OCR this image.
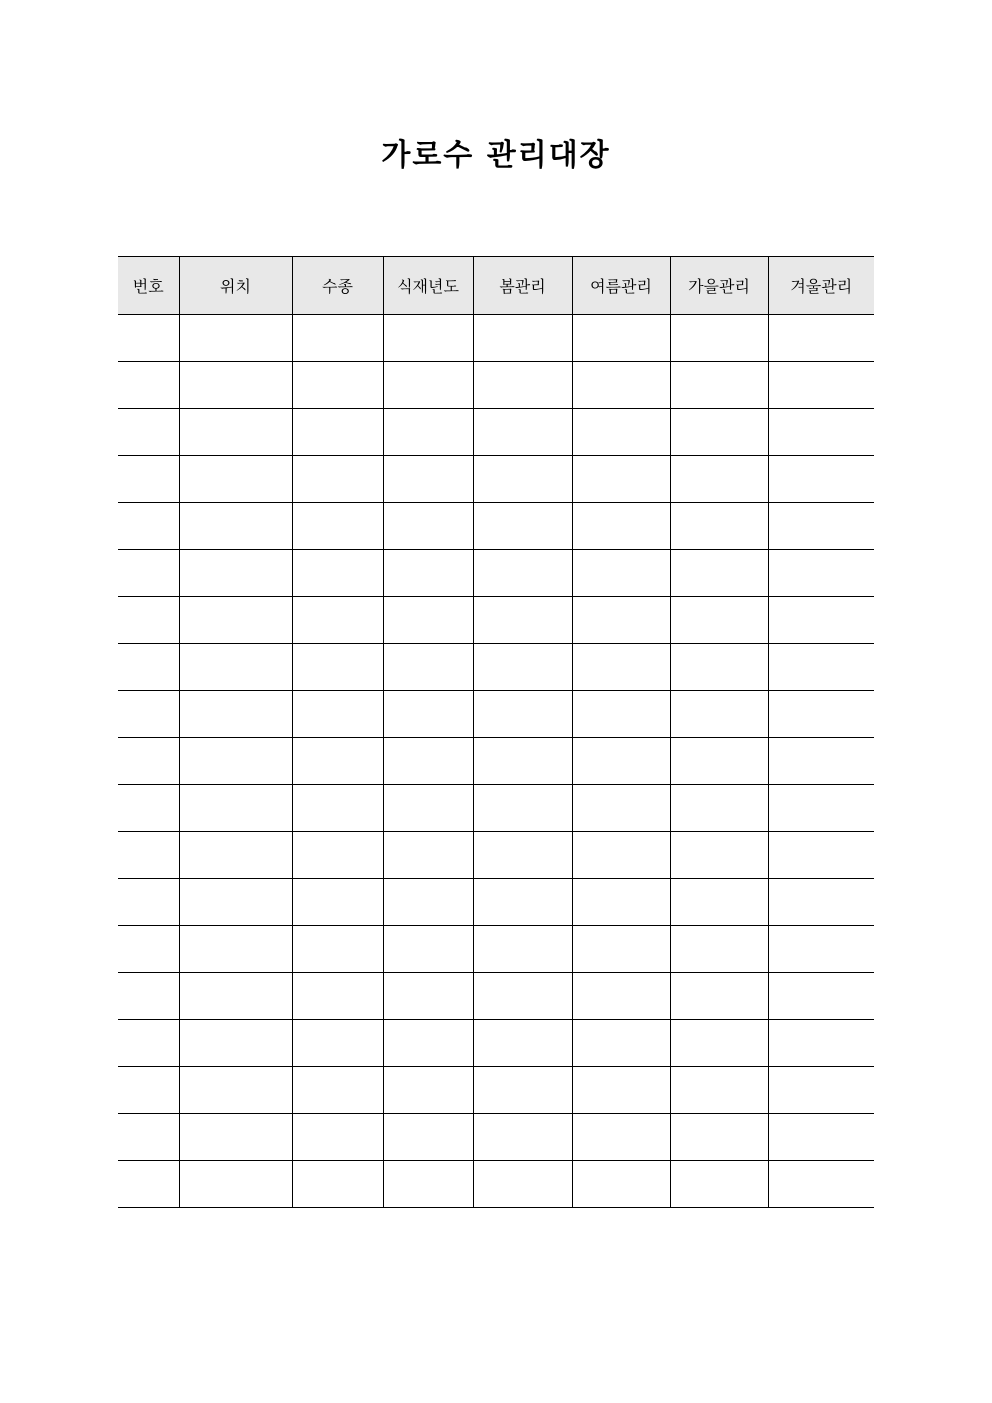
가로수 관리대장
번호	위치	수종	식재년도	봄관리	여름관리	가을관리	겨울관리
